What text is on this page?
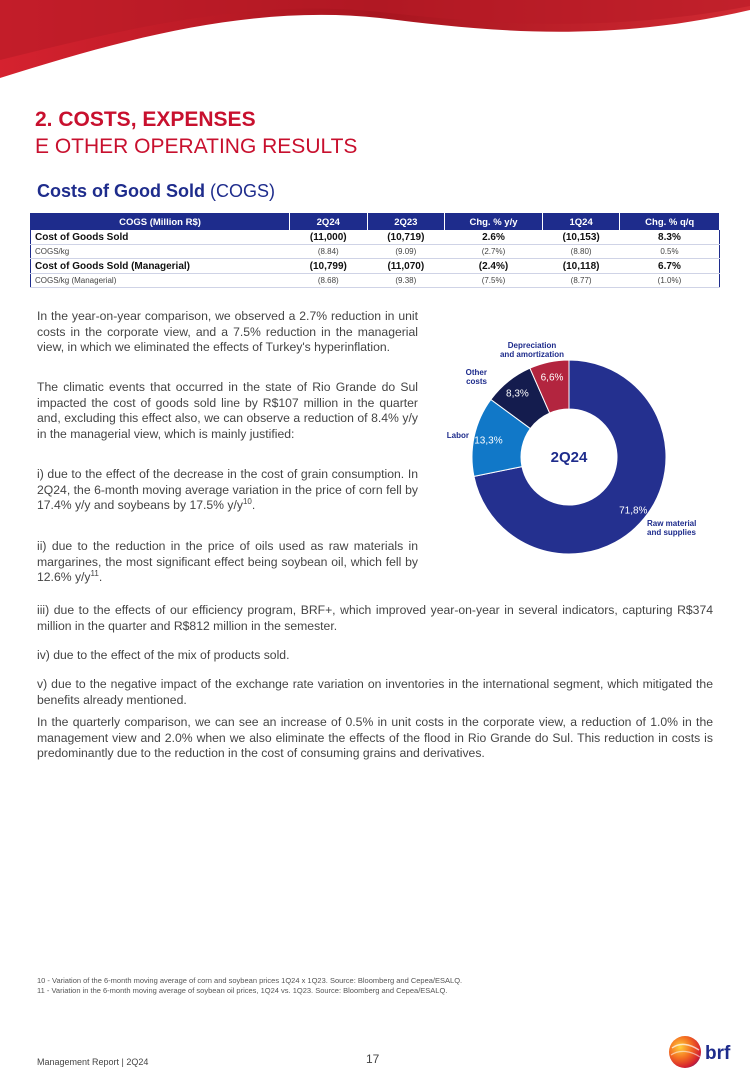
2. COSTS, EXPENSES
E OTHER OPERATING RESULTS
Costs of Good Sold (COGS)
COGS (Million R$)	2Q24	2Q23	Chg. % y/y	1Q24	Chg. % q/q
Cost of Goods Sold	(11,000)	(10,719)	2.6%	(10,153)	8.3%
COGS/kg	(8.84)	(9.09)	(2.7%)	(8.80)	0.5%
Cost of Goods Sold (Managerial)	(10,799)	(11,070)	(2.4%)	(10,118)	6.7%
COGS/kg (Managerial)	(8.68)	(9.38)	(7.5%)	(8.77)	(1.0%)

In the year-on-year comparison, we observed a 2.7% reduction in unit costs in the corporate view, and a 7.5% reduction in the managerial view, in which we eliminated the effects of Turkey's hyperinflation.

The climatic events that occurred in the state of Rio Grande do Sul impacted the cost of goods sold line by R$107 million in the quarter and, excluding this effect also, we can observe a reduction of 8.4% y/y in the managerial view, which is mainly justified:

i) due to the effect of the decrease in the cost of grain consumption. In 2Q24, the 6-month moving average variation in the price of corn fell by 17.4% y/y and soybeans by 17.5% $y/y^{10}$.

ii) due to the reduction in the price of oils used as raw materials in margarines, the most significant effect being soybean oil, which fell by 12.6% $y/y^{11}$.

iii) due to the effects of our efficiency program, BRF+, which improved year-on-year in several indicators, capturing R$374 million in the quarter and R$812 million in the semester.

iv) due to the effect of the mix of products sold.

v) due to the negative impact of the exchange rate variation on inventories in the international segment, which mitigated the benefits already mentioned.

In the quarterly comparison, we can see an increase of 0.5% in unit costs in the corporate view, a reduction of 1.0% in the management view and 2.0% when we also eliminate the effects of the flood in Rio Grande do Sul. This reduction in costs is predominantly due to the reduction in the cost of consuming grains and derivatives.

71,8%
13,3%
8,3%
6,6%
Raw material and supplies
Labor
Other costs
Depreciation and amortization
2Q24

10 - Variation of the 6-month moving average of corn and soybean prices 1Q24 x 1Q23. Source: Bloomberg and Cepea/ESALQ.

11 - Variation in the 6-month moving average of soybean oil prices, 1Q24 vs. 1Q23. Source: Bloomberg and Cepea/ESALQ.

Management Report | 2Q24	17	brf
